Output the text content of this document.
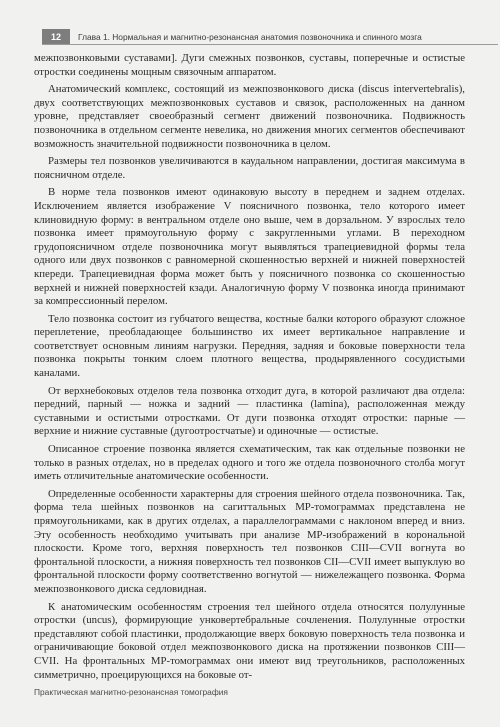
12	Глава 1. Нормальная и магнитно-резонансная анатомия позвоночника и спинного мозга

межпозвонковыми суставами]. Дуги смежных позвонков, суставы, поперечные и остистые отростки соединены мощным связочным аппаратом.

Анатомический комплекс, состоящий из межпозвонкового диска (discus intervertebralis), двух соответствующих межпозвонковых суставов и связок, расположенных на данном уровне, представляет своеобразный сегмент движений позвоночника. Подвижность позвоночника в отдельном сегменте невелика, но движения многих сегментов обеспечивают возможность значительной подвижности позвоночника в целом.

Размеры тел позвонков увеличиваются в каудальном направлении, достигая максимума в поясничном отделе.

В норме тела позвонков имеют одинаковую высоту в переднем и заднем отделах. Исключением является изображение V поясничного позвонка, тело которого имеет клиновидную форму: в вентральном отделе оно выше, чем в дорзальном. У взрослых тело позвонка имеет прямоугольную форму с закругленными углами. В переходном грудопоясничном отделе позвоночника могут выявляться трапециевидной формы тела одного или двух позвонков с равномерной скошенностью верхней и нижней поверхностей кпереди. Трапециевидная форма может быть у поясничного позвонка со скошенностью верхней и нижней поверхностей кзади. Аналогичную форму V позвонка иногда принимают за компрессионный перелом.

Тело позвонка состоит из губчатого вещества, костные балки которого образуют сложное переплетение, преобладающее большинство их имеет вертикальное направление и соответствует основным линиям нагрузки. Передняя, задняя и боковые поверхности тела позвонка покрыты тонким слоем плотного вещества, продырявленного сосудистыми каналами.

От верхнебоковых отделов тела позвонка отходит дуга, в которой различают два отдела: передний, парный — ножка и задний — пластинка (lamina), расположенная между суставными и остистыми отростками. От дуги позвонка отходят отростки: парные — верхние и нижние суставные (дугоотростчатые) и одиночные — остистые.

Описанное строение позвонка является схематическим, так как отдельные позвонки не только в разных отделах, но в пределах одного и того же отдела позвоночного столба могут иметь отличительные анатомические особенности.

Определенные особенности характерны для строения шейного отдела позвоночника. Так, форма тела шейных позвонков на сагиттальных МР-томограммах представлена не прямоугольниками, как в других отделах, а параллелограммами с наклоном вперед и вниз. Эту особенность необходимо учитывать при анализе МР-изображений в корональной плоскости. Кроме того, верхняя поверхность тел позвонков CIII—CVII вогнута во фронтальной плоскости, а нижняя поверхность тел позвонков CII—CVII имеет выпуклую во фронтальной плоскости форму соответственно вогнутой — нижележащего позвонка. Форма межпозвонкового диска седловидная.

К анатомическим особенностям строения тел шейного отдела относятся полулунные отростки (uncus), формирующие унковертебральные сочленения. Полулунные отростки представляют собой пластинки, продолжающие вверх боковую поверхность тела позвонка и ограничивающие боковой отдел межпозвонкового диска на протяжении позвонков CIII—CVII. На фронтальных МР-томограммах они имеют вид треугольников, расположенных симметрично, проецирующихся на боковые от-

Практическая магнитно-резонансная томография
